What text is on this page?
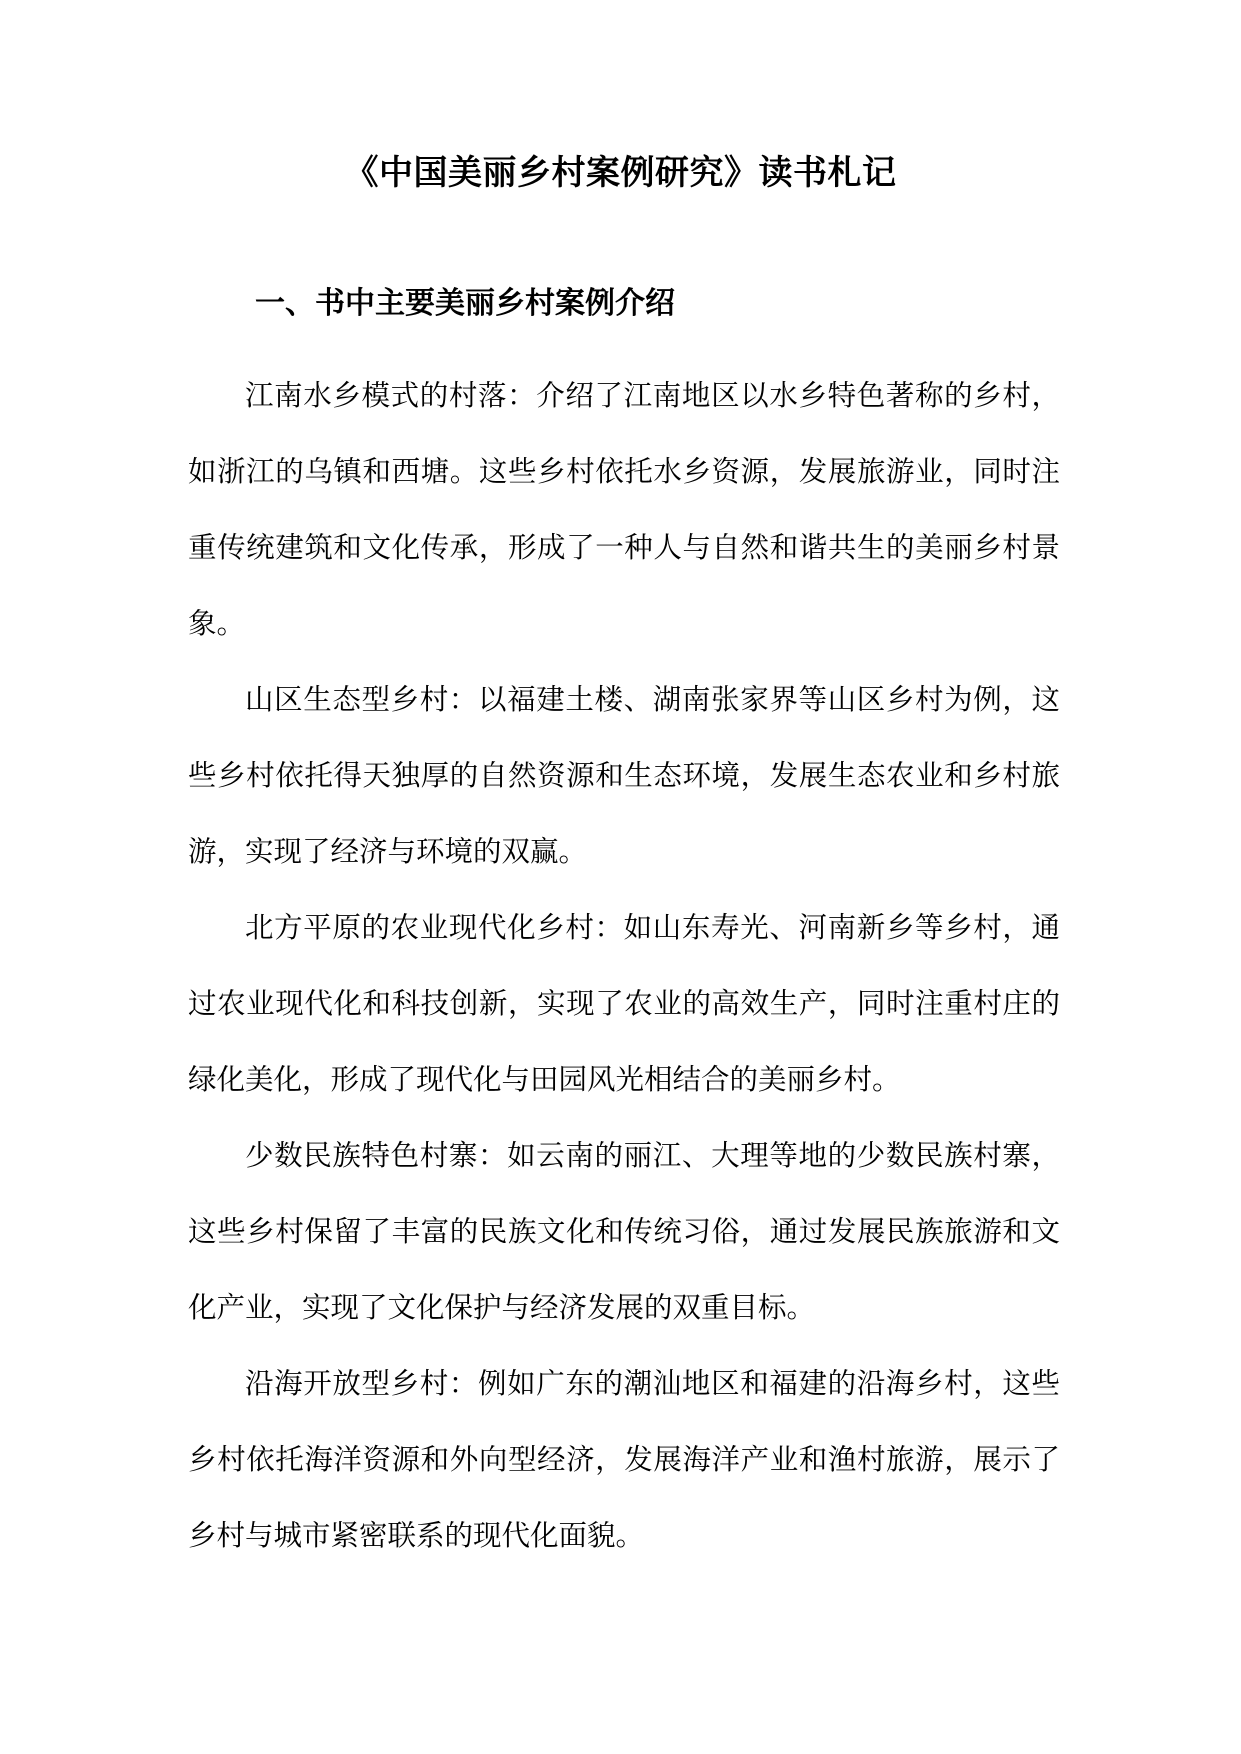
《中国美丽乡村案例研究》读书札记
一、书中主要美丽乡村案例介绍

江南水乡模式的村落：介绍了江南地区以水乡特色著称的乡村，如浙江的乌镇和西塘。这些乡村依托水乡资源，发展旅游业，同时注重传统建筑和文化传承，形成了一种人与自然和谐共生的美丽乡村景象。

山区生态型乡村：以福建土楼、湖南张家界等山区乡村为例，这些乡村依托得天独厚的自然资源和生态环境，发展生态农业和乡村旅游，实现了经济与环境的双赢。

北方平原的农业现代化乡村：如山东寿光、河南新乡等乡村，通过农业现代化和科技创新，实现了农业的高效生产，同时注重村庄的绿化美化，形成了现代化与田园风光相结合的美丽乡村。

少数民族特色村寨：如云南的丽江、大理等地的少数民族村寨，这些乡村保留了丰富的民族文化和传统习俗，通过发展民族旅游和文化产业，实现了文化保护与经济发展的双重目标。

沿海开放型乡村：例如广东的潮汕地区和福建的沿海乡村，这些乡村依托海洋资源和外向型经济，发展海洋产业和渔村旅游，展示了乡村与城市紧密联系的现代化面貌。
